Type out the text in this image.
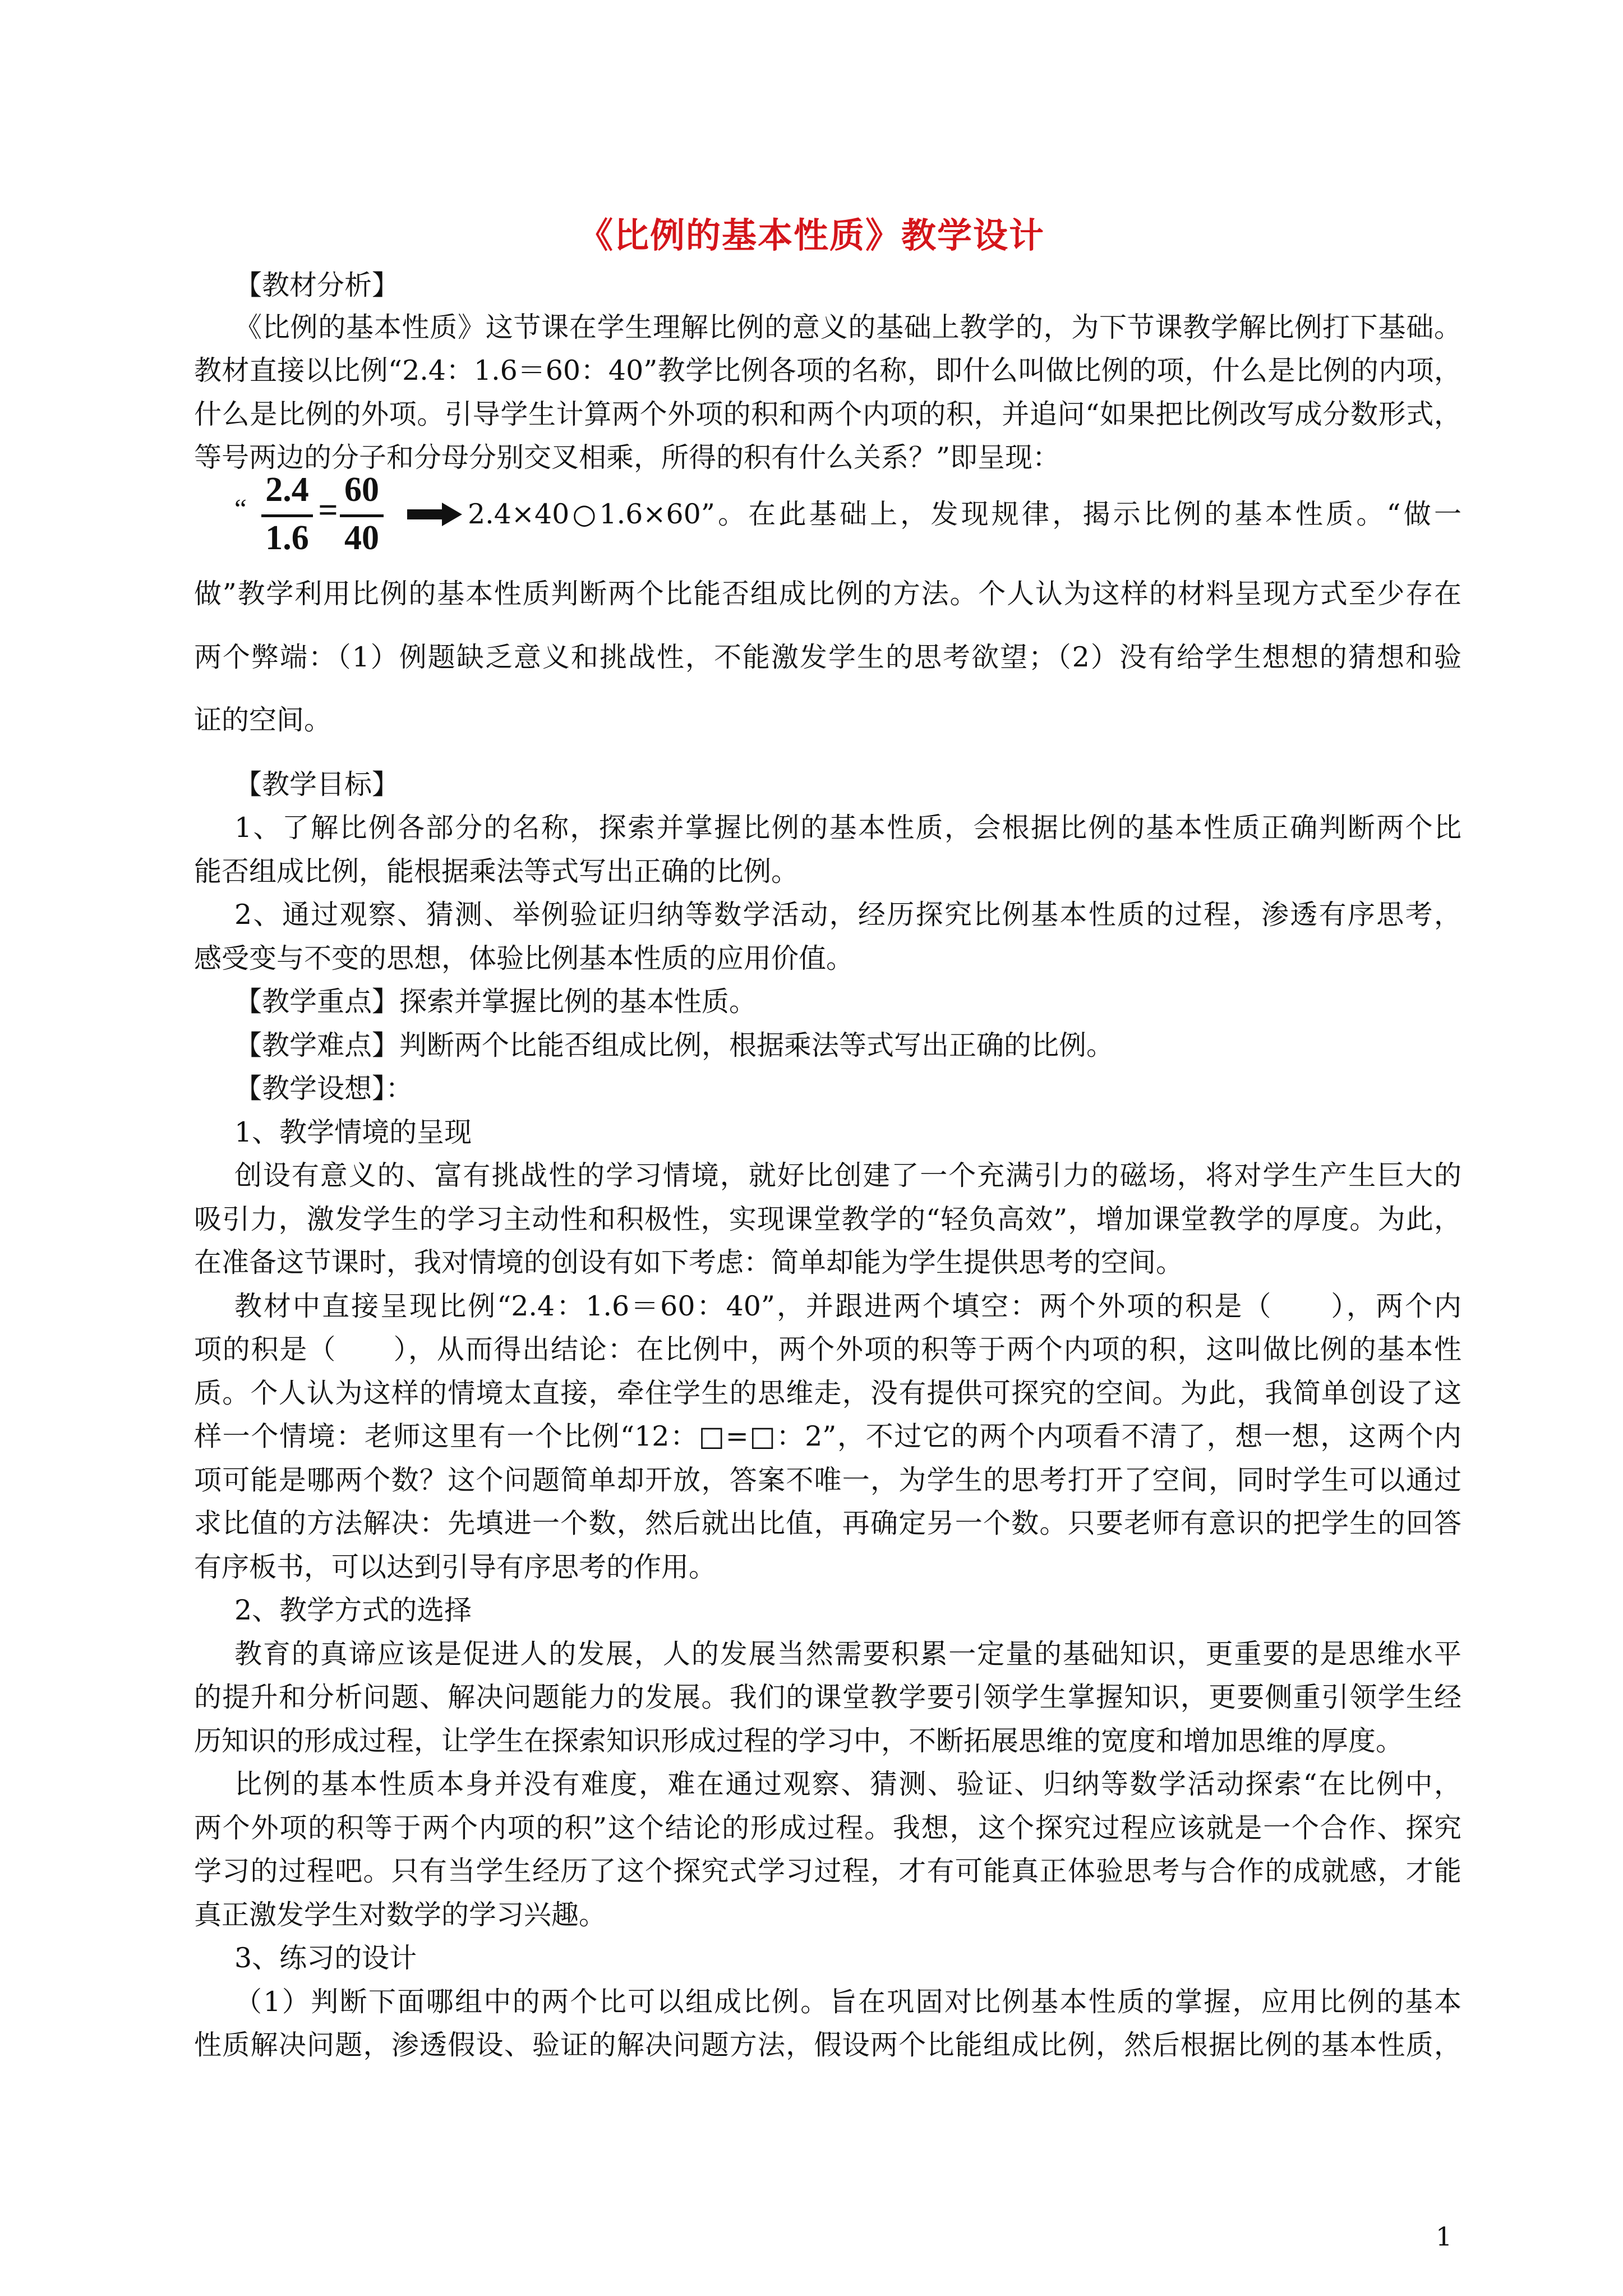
《比例的基本性质》教学设计
【教材分析】
《比例的基本性质》这节课在学生理解比例的意义的基础上教学的，为下节课教学解比例打下基础。
教材直接以比例“2.4：1.6＝60：40”教学比例各项的名称，即什么叫做比例的项，什么是比例的内项，
什么是比例的外项。引导学生计算两个外项的积和两个内项的积，并追问“如果把比例改写成分数形式，
等号两边的分子和分母分别交叉相乘，所得的积有什么关系？”即呈现：
“ 2.4
1.6
=
60
40
2.4×40○1.6×60”。在此基础上，发现规律，揭示比例的基本性质。“做一
做”教学利用比例的基本性质判断两个比能否组成比例的方法。个人认为这样的材料呈现方式至少存在
两个弊端：（1）例题缺乏意义和挑战性，不能激发学生的思考欲望；（2）没有给学生想想的猜想和验
证的空间。
【教学目标】
1、了解比例各部分的名称，探索并掌握比例的基本性质，会根据比例的基本性质正确判断两个比
能否组成比例，能根据乘法等式写出正确的比例。
2、通过观察、猜测、举例验证归纳等数学活动，经历探究比例基本性质的过程，渗透有序思考，
感受变与不变的思想，体验比例基本性质的应用价值。
【教学重点】探索并掌握比例的基本性质。
【教学难点】判断两个比能否组成比例，根据乘法等式写出正确的比例。
【教学设想】：
1、教学情境的呈现
创设有意义的、富有挑战性的学习情境，就好比创建了一个充满引力的磁场，将对学生产生巨大的
吸引力，激发学生的学习主动性和积极性，实现课堂教学的“轻负高效”，增加课堂教学的厚度。为此，
在准备这节课时，我对情境的创设有如下考虑：简单却能为学生提供思考的空间。
教材中直接呈现比例“2.4：1.6＝60：40”，并跟进两个填空：两个外项的积是（　　），两个内
项的积是（　　），从而得出结论：在比例中，两个外项的积等于两个内项的积，这叫做比例的基本性
质。个人认为这样的情境太直接，牵住学生的思维走，没有提供可探究的空间。为此，我简单创设了这
样一个情境：老师这里有一个比例“12：□=□：2”，不过它的两个内项看不清了，想一想，这两个内
项可能是哪两个数？这个问题简单却开放，答案不唯一，为学生的思考打开了空间，同时学生可以通过
求比值的方法解决：先填进一个数，然后就出比值，再确定另一个数。只要老师有意识的把学生的回答
有序板书，可以达到引导有序思考的作用。
2、教学方式的选择
教育的真谛应该是促进人的发展，人的发展当然需要积累一定量的基础知识，更重要的是思维水平
的提升和分析问题、解决问题能力的发展。我们的课堂教学要引领学生掌握知识，更要侧重引领学生经
历知识的形成过程，让学生在探索知识形成过程的学习中，不断拓展思维的宽度和增加思维的厚度。
比例的基本性质本身并没有难度，难在通过观察、猜测、验证、归纳等数学活动探索“在比例中，
两个外项的积等于两个内项的积”这个结论的形成过程。我想，这个探究过程应该就是一个合作、探究
学习的过程吧。只有当学生经历了这个探究式学习过程，才有可能真正体验思考与合作的成就感，才能
真正激发学生对数学的学习兴趣。
3、练习的设计
（1）判断下面哪组中的两个比可以组成比例。旨在巩固对比例基本性质的掌握，应用比例的基本
性质解决问题，渗透假设、验证的解决问题方法，假设两个比能组成比例，然后根据比例的基本性质，
1
